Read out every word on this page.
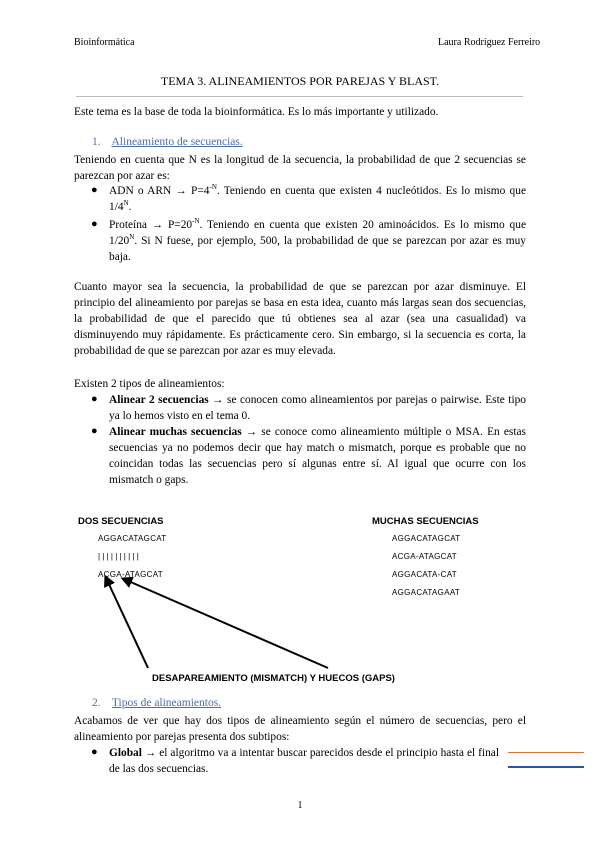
Bioinformática	Laura Rodríguez Ferreiro
TEMA 3. ALINEAMIENTOS POR PAREJAS Y BLAST.
Este tema es la base de toda la bioinformática. Es lo más importante y utilizado.
1. Alineamiento de secuencias.
Teniendo en cuenta que N es la longitud de la secuencia, la probabilidad de que 2 secuencias se parezcan por azar es:
● ADN o ARN → $P=4^{-N}$. Teniendo en cuenta que existen 4 nucleótidos. Es lo mismo que $1/4^N$.
● Proteína → $P=20^{-N}$. Teniendo en cuenta que existen 20 aminoácidos. Es lo mismo que $1/20^N$. Si N fuese, por ejemplo, 500, la probabilidad de que se parezcan por azar es muy baja.
Cuanto mayor sea la secuencia, la probabilidad de que se parezcan por azar disminuye. El principio del alineamiento por parejas se basa en esta idea, cuanto más largas sean dos secuencias, la probabilidad de que el parecido que tú obtienes sea al azar (sea una casualidad) va disminuyendo muy rápidamente. Es prácticamente cero. Sin embargo, si la secuencia es corta, la probabilidad de que se parezcan por azar es muy elevada.
Existen 2 tipos de alineamientos:
● Alinear 2 secuencias → se conocen como alineamientos por parejas o pairwise. Este tipo ya lo hemos visto en el tema 0.
● Alinear muchas secuencias → se conoce como alineamiento múltiple o MSA. En estas secuencias ya no podemos decir que hay match o mismatch, porque es probable que no coincidan todas las secuencias pero sí algunas entre sí. Al igual que ocurre con los mismatch o gaps.
DOS SECUENCIAS	MUCHAS SECUENCIAS
AGGACATAGCAT
| | | | | | | | | |
ACGA-ATAGCAT
AGGACATAGCAT
ACGA-ATAGCAT
AGGACATA-CAT
AGGACATAGAAT
DESAPAREAMIENTO (MISMATCH) Y HUECOS (GAPS)
2. Tipos de alineamientos.
Acabamos de ver que hay dos tipos de alineamiento según el número de secuencias, pero el alineamiento por parejas presenta dos subtipos:
● Global → el algoritmo va a intentar buscar parecidos desde el principio hasta el final de las dos secuencias.
1
